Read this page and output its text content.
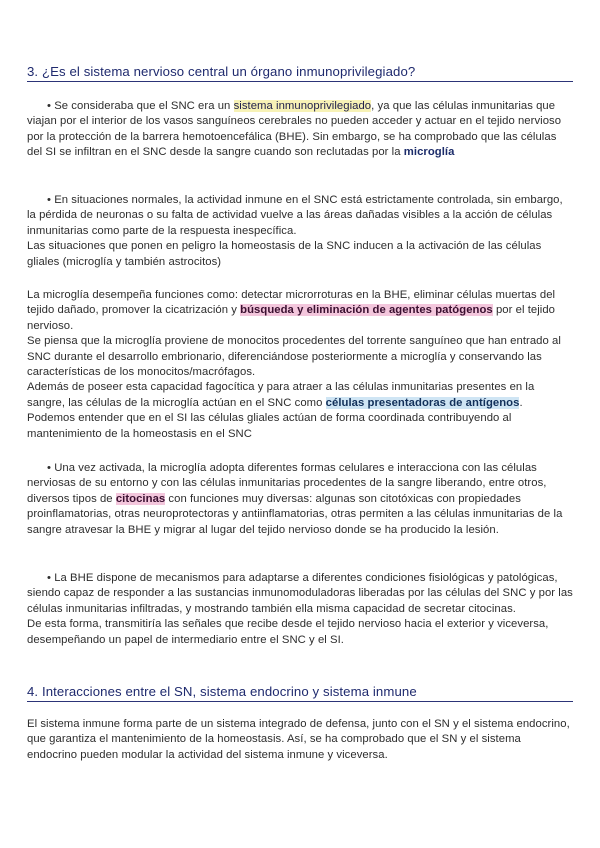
3. ¿Es el sistema nervioso central un órgano inmunoprivilegiado?

• Se consideraba que el SNC era un sistema inmunoprivilegiado, ya que las células inmunitarias que viajan por el interior de los vasos sanguíneos cerebrales no pueden acceder y actuar en el tejido nervioso por la protección de la barrera hemotoencefálica (BHE). Sin embargo, se ha comprobado que las células del SI se infiltran en el SNC desde la sangre cuando son reclutadas por la microglía

• En situaciones normales, la actividad inmune en el SNC está estrictamente controlada, sin embargo, la pérdida de neuronas o su falta de actividad vuelve a las áreas dañadas visibles a la acción de células inmunitarias como parte de la respuesta inespecífica.

Las situaciones que ponen en peligro la homeostasis de la SNC inducen a la activación de las células gliales (microglía y también astrocitos)

La microglía desempeña funciones como: detectar microrroturas en la BHE, eliminar células muertas del tejido dañado, promover la cicatrización y búsqueda y eliminación de agentes patógenos por el tejido nervioso.

Se piensa que la microglía proviene de monocitos procedentes del torrente sanguíneo que han entrado al SNC durante el desarrollo embrionario, diferenciándose posteriormente a microglía y conservando las características de los monocitos/macrófagos.

Además de poseer esta capacidad fagocítica y para atraer a las células inmunitarias presentes en la sangre, las células de la microglía actúan en el SNC como células presentadoras de antígenos. Podemos entender que en el SI las células gliales actúan de forma coordinada contribuyendo al mantenimiento de la homeostasis en el SNC

• Una vez activada, la microglía adopta diferentes formas celulares e interacciona con las células nerviosas de su entorno y con las células inmunitarias procedentes de la sangre liberando, entre otros, diversos tipos de citocinas con funciones muy diversas: algunas son citotóxicas con propiedades proinflamatorias, otras neuroprotectoras y antiinflamatorias, otras permiten a las células inmunitarias de la sangre atravesar la BHE y migrar al lugar del tejido nervioso donde se ha producido la lesión.

• La BHE dispone de mecanismos para adaptarse a diferentes condiciones fisiológicas y patológicas, siendo capaz de responder a las sustancias inmunomoduladoras liberadas por las células del SNC y por las células inmunitarias infiltradas, y mostrando también ella misma capacidad de secretar citocinas.

De esta forma, transmitiría las señales que recibe desde el tejido nervioso hacia el exterior y viceversa, desempeñando un papel de intermediario entre el SNC y el SI.

4. Interacciones entre el SN, sistema endocrino y sistema inmune

El sistema inmune forma parte de un sistema integrado de defensa, junto con el SN y el sistema endocrino, que garantiza el mantenimiento de la homeostasis. Así, se ha comprobado que el SN y el sistema endocrino pueden modular la actividad del sistema inmune y viceversa.
